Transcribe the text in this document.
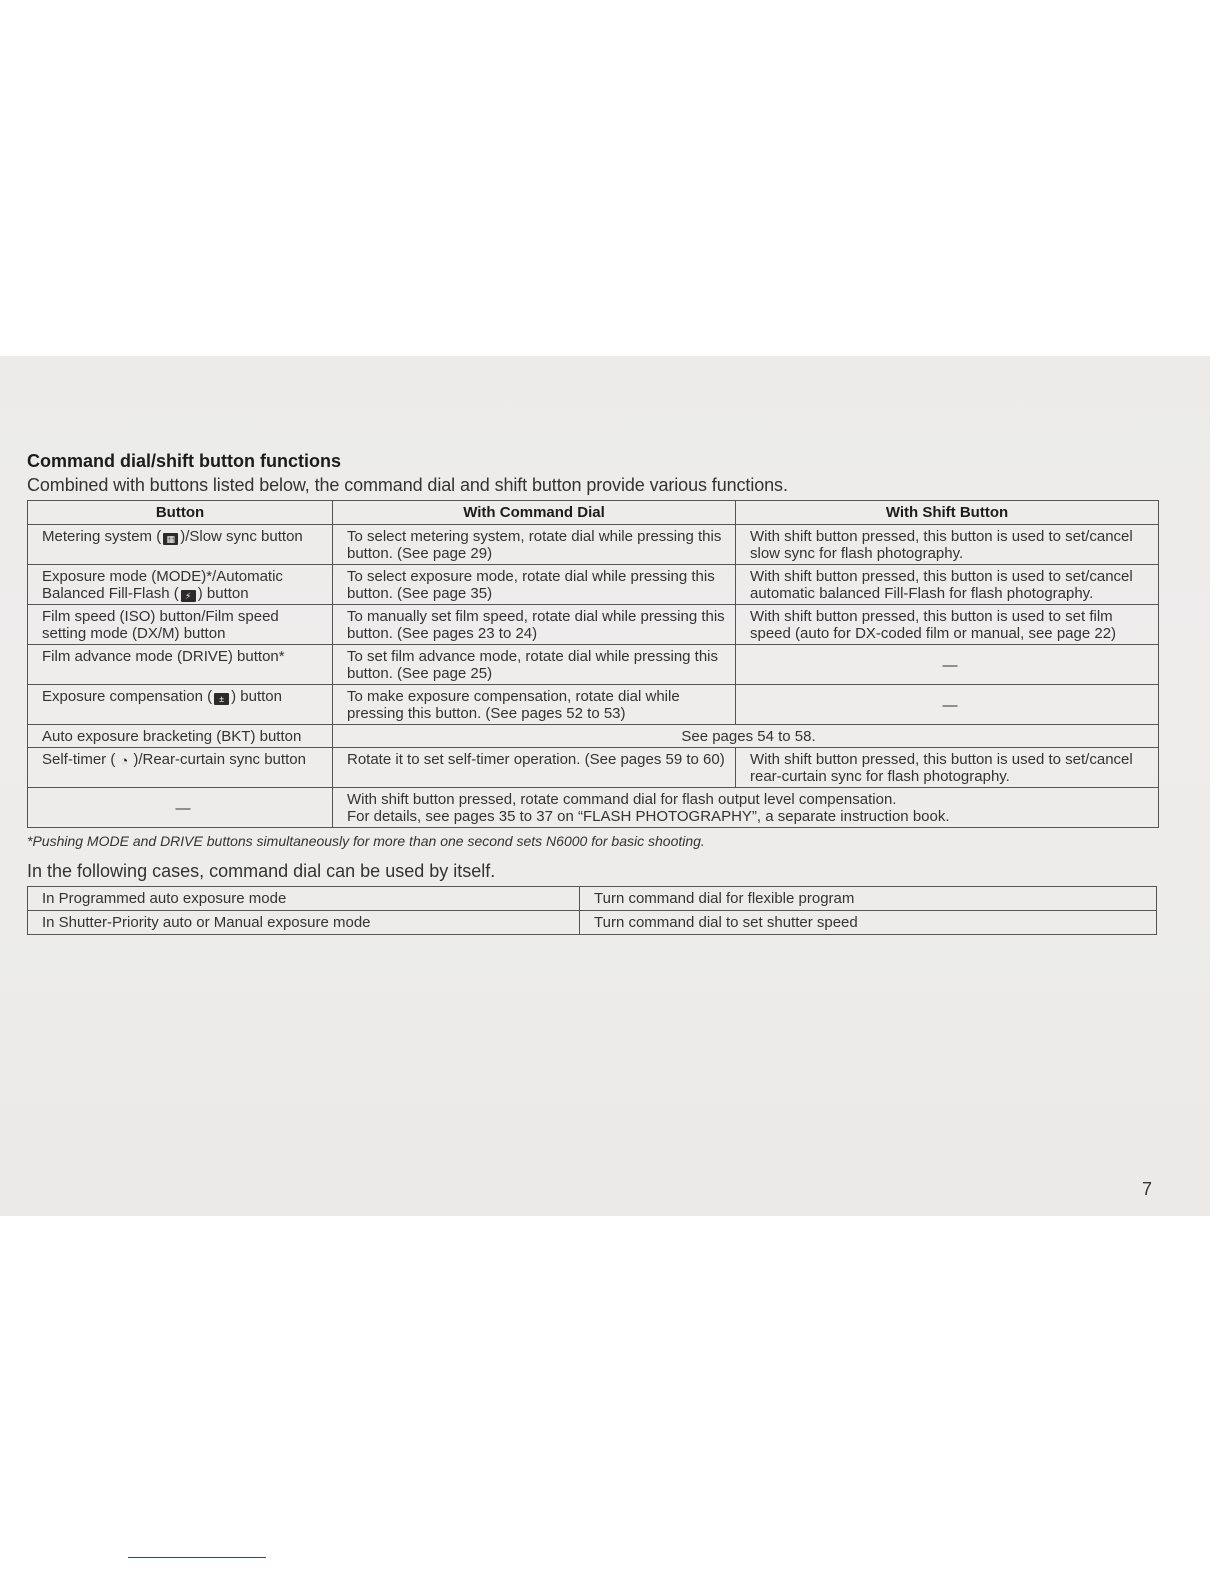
Command dial/shift button functions

Combined with buttons listed below, the command dial and shift button provide various functions.

Button	With Command Dial	With Shift Button
Metering system ( ▦ )/Slow sync button	To select metering system, rotate dial while pressing this button. (See page 29)	With shift button pressed, this button is used to set/cancel slow sync for flash photography.
Exposure mode (MODE)*/Automatic Balanced Fill-Flash ( ⚡ ) button	To select exposure mode, rotate dial while pressing this button. (See page 35)	With shift button pressed, this button is used to set/cancel automatic balanced Fill-Flash for flash photography.
Film speed (ISO) button/Film speed setting mode (DX/M) button	To manually set film speed, rotate dial while pressing this button. (See pages 23 to 24)	With shift button pressed, this button is used to set film speed (auto for DX-coded film or manual, see page 22)
Film advance mode (DRIVE) button*	To set film advance mode, rotate dial while pressing this button. (See page 25)	—
Exposure compensation ( ± ) button	To make exposure compensation, rotate dial while pressing this button. (See pages 52 to 53)	—
Auto exposure bracketing (BKT) button	See pages 54 to 58.	
Self-timer ( ◔ )/Rear-curtain sync button	Rotate it to set self-timer operation. (See pages 59 to 60)	With shift button pressed, this button is used to set/cancel rear-curtain sync for flash photography.
—	With shift button pressed, rotate command dial for flash output level compensation.
For details, see pages 35 to 37 on “FLASH PHOTOGRAPHY”, a separate instruction book.	

*Pushing MODE and DRIVE buttons simultaneously for more than one second sets N6000 for basic shooting.

In the following cases, command dial can be used by itself.

In Programmed auto exposure mode	Turn command dial for flexible program
In Shutter-Priority auto or Manual exposure mode	Turn command dial to set shutter speed
7
